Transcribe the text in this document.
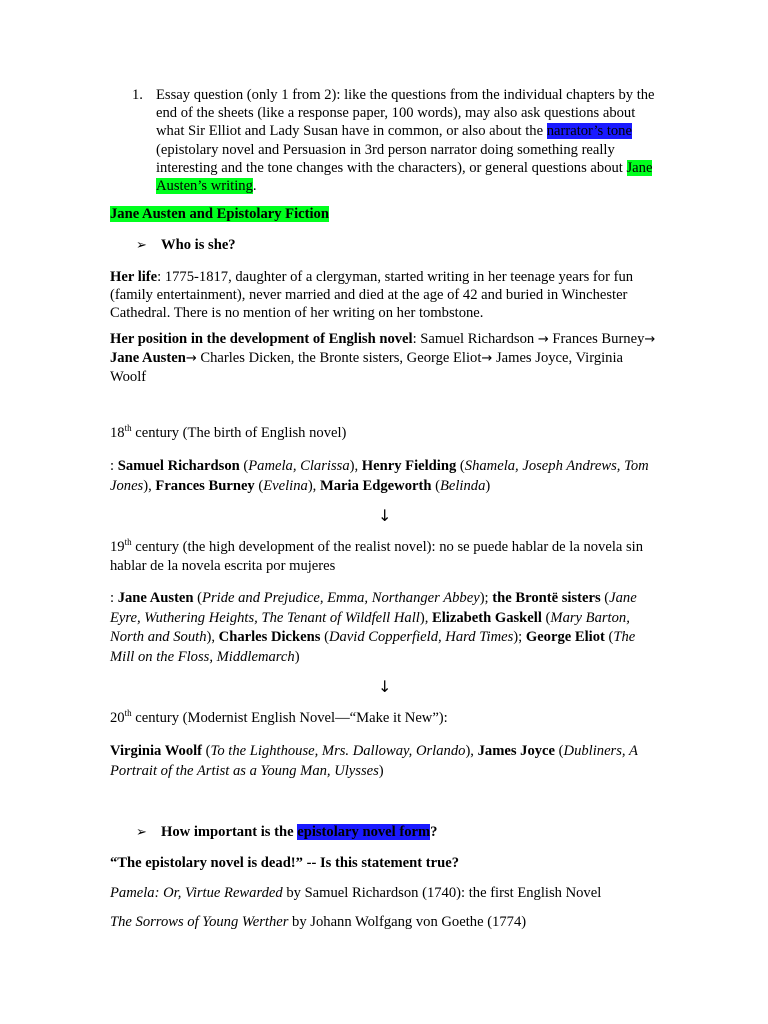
1. Essay question (only 1 from 2): like the questions from the individual chapters by the end of the sheets (like a response paper, 100 words), may also ask questions about what Sir Elliot and Lady Susan have in common, or also about the narrator’s tone (epistolary novel and Persuasion in 3rd person narrator doing something really interesting and the tone changes with the characters), or general questions about Jane Austen’s writing.
Jane Austen and Epistolary Fiction
➢ Who is she?

Her life: 1775-1817, daughter of a clergyman, started writing in her teenage years for fun (family entertainment), never married and died at the age of 42 and buried in Winchester Cathedral. There is no mention of her writing on her tombstone.

Her position in the development of English novel: Samuel Richardson → Frances Burney→ Jane Austen→ Charles Dicken, the Bronte sisters, George Eliot→ James Joyce, Virginia Woolf

18th century (The birth of English novel)

: Samuel Richardson (Pamela, Clarissa), Henry Fielding (Shamela, Joseph Andrews, Tom Jones), Frances Burney (Evelina), Maria Edgeworth (Belinda)

↓

19th century (the high development of the realist novel): no se puede hablar de la novela sin hablar de la novela escrita por mujeres

: Jane Austen (Pride and Prejudice, Emma, Northanger Abbey); the Brontë sisters (Jane Eyre, Wuthering Heights, The Tenant of Wildfell Hall), Elizabeth Gaskell (Mary Barton, North and South), Charles Dickens (David Copperfield, Hard Times); George Eliot (The Mill on the Floss, Middlemarch)

↓

20th century (Modernist English Novel—“Make it New”):

Virginia Woolf (To the Lighthouse, Mrs. Dalloway, Orlando), James Joyce (Dubliners, A Portrait of the Artist as a Young Man, Ulysses)

➢ How important is the epistolary novel form?
“The epistolary novel is dead!” -- Is this statement true?
Pamela: Or, Virtue Rewarded by Samuel Richardson (1740): the first English Novel
The Sorrows of Young Werther by Johann Wolfgang von Goethe (1774)
